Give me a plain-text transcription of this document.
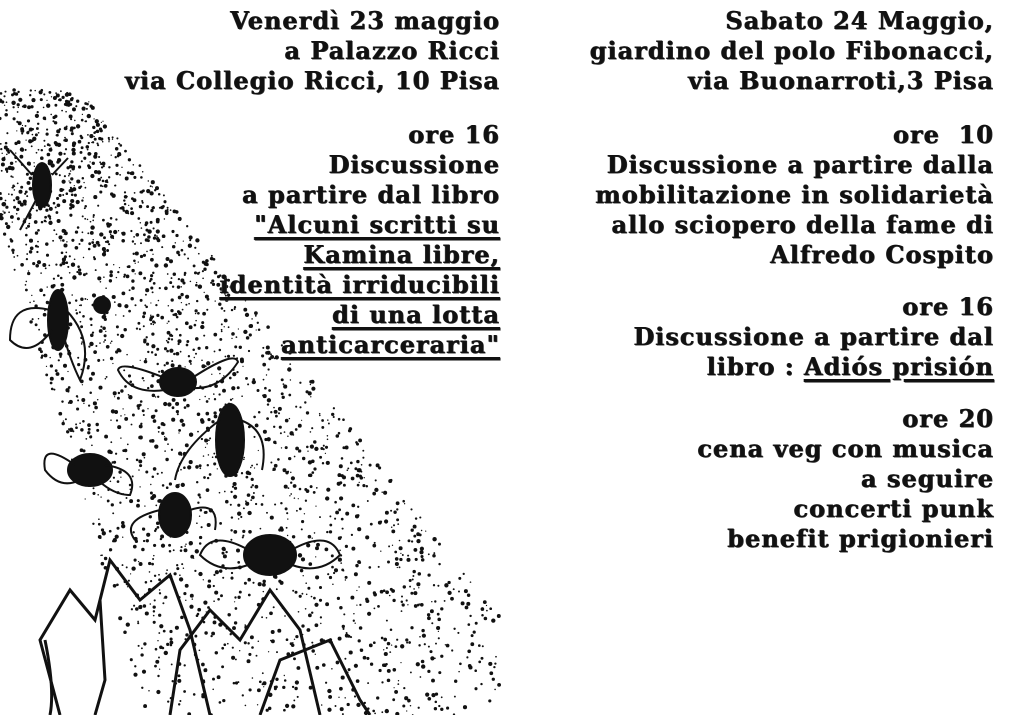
Venerdì 23 maggio
a Palazzo Ricci
via Collegio Ricci, 10 Pisa
ore 16
Discussione
a partire dal libro
"Alcuni scritti su
Kamina libre,
identità irriducibili
di una lotta
anticarceraria"
Sabato 24 Maggio,
giardino del polo Fibonacci,
via Buonarroti,3 Pisa
ore  10
Discussione a partire dalla
mobilitazione in solidarietà
allo sciopero della fame di
Alfredo Cospito
ore 16
Discussione a partire dal
libro : Adiós prisión
ore 20
cena veg con musica
a seguire
concerti punk
benefit prigionieri
